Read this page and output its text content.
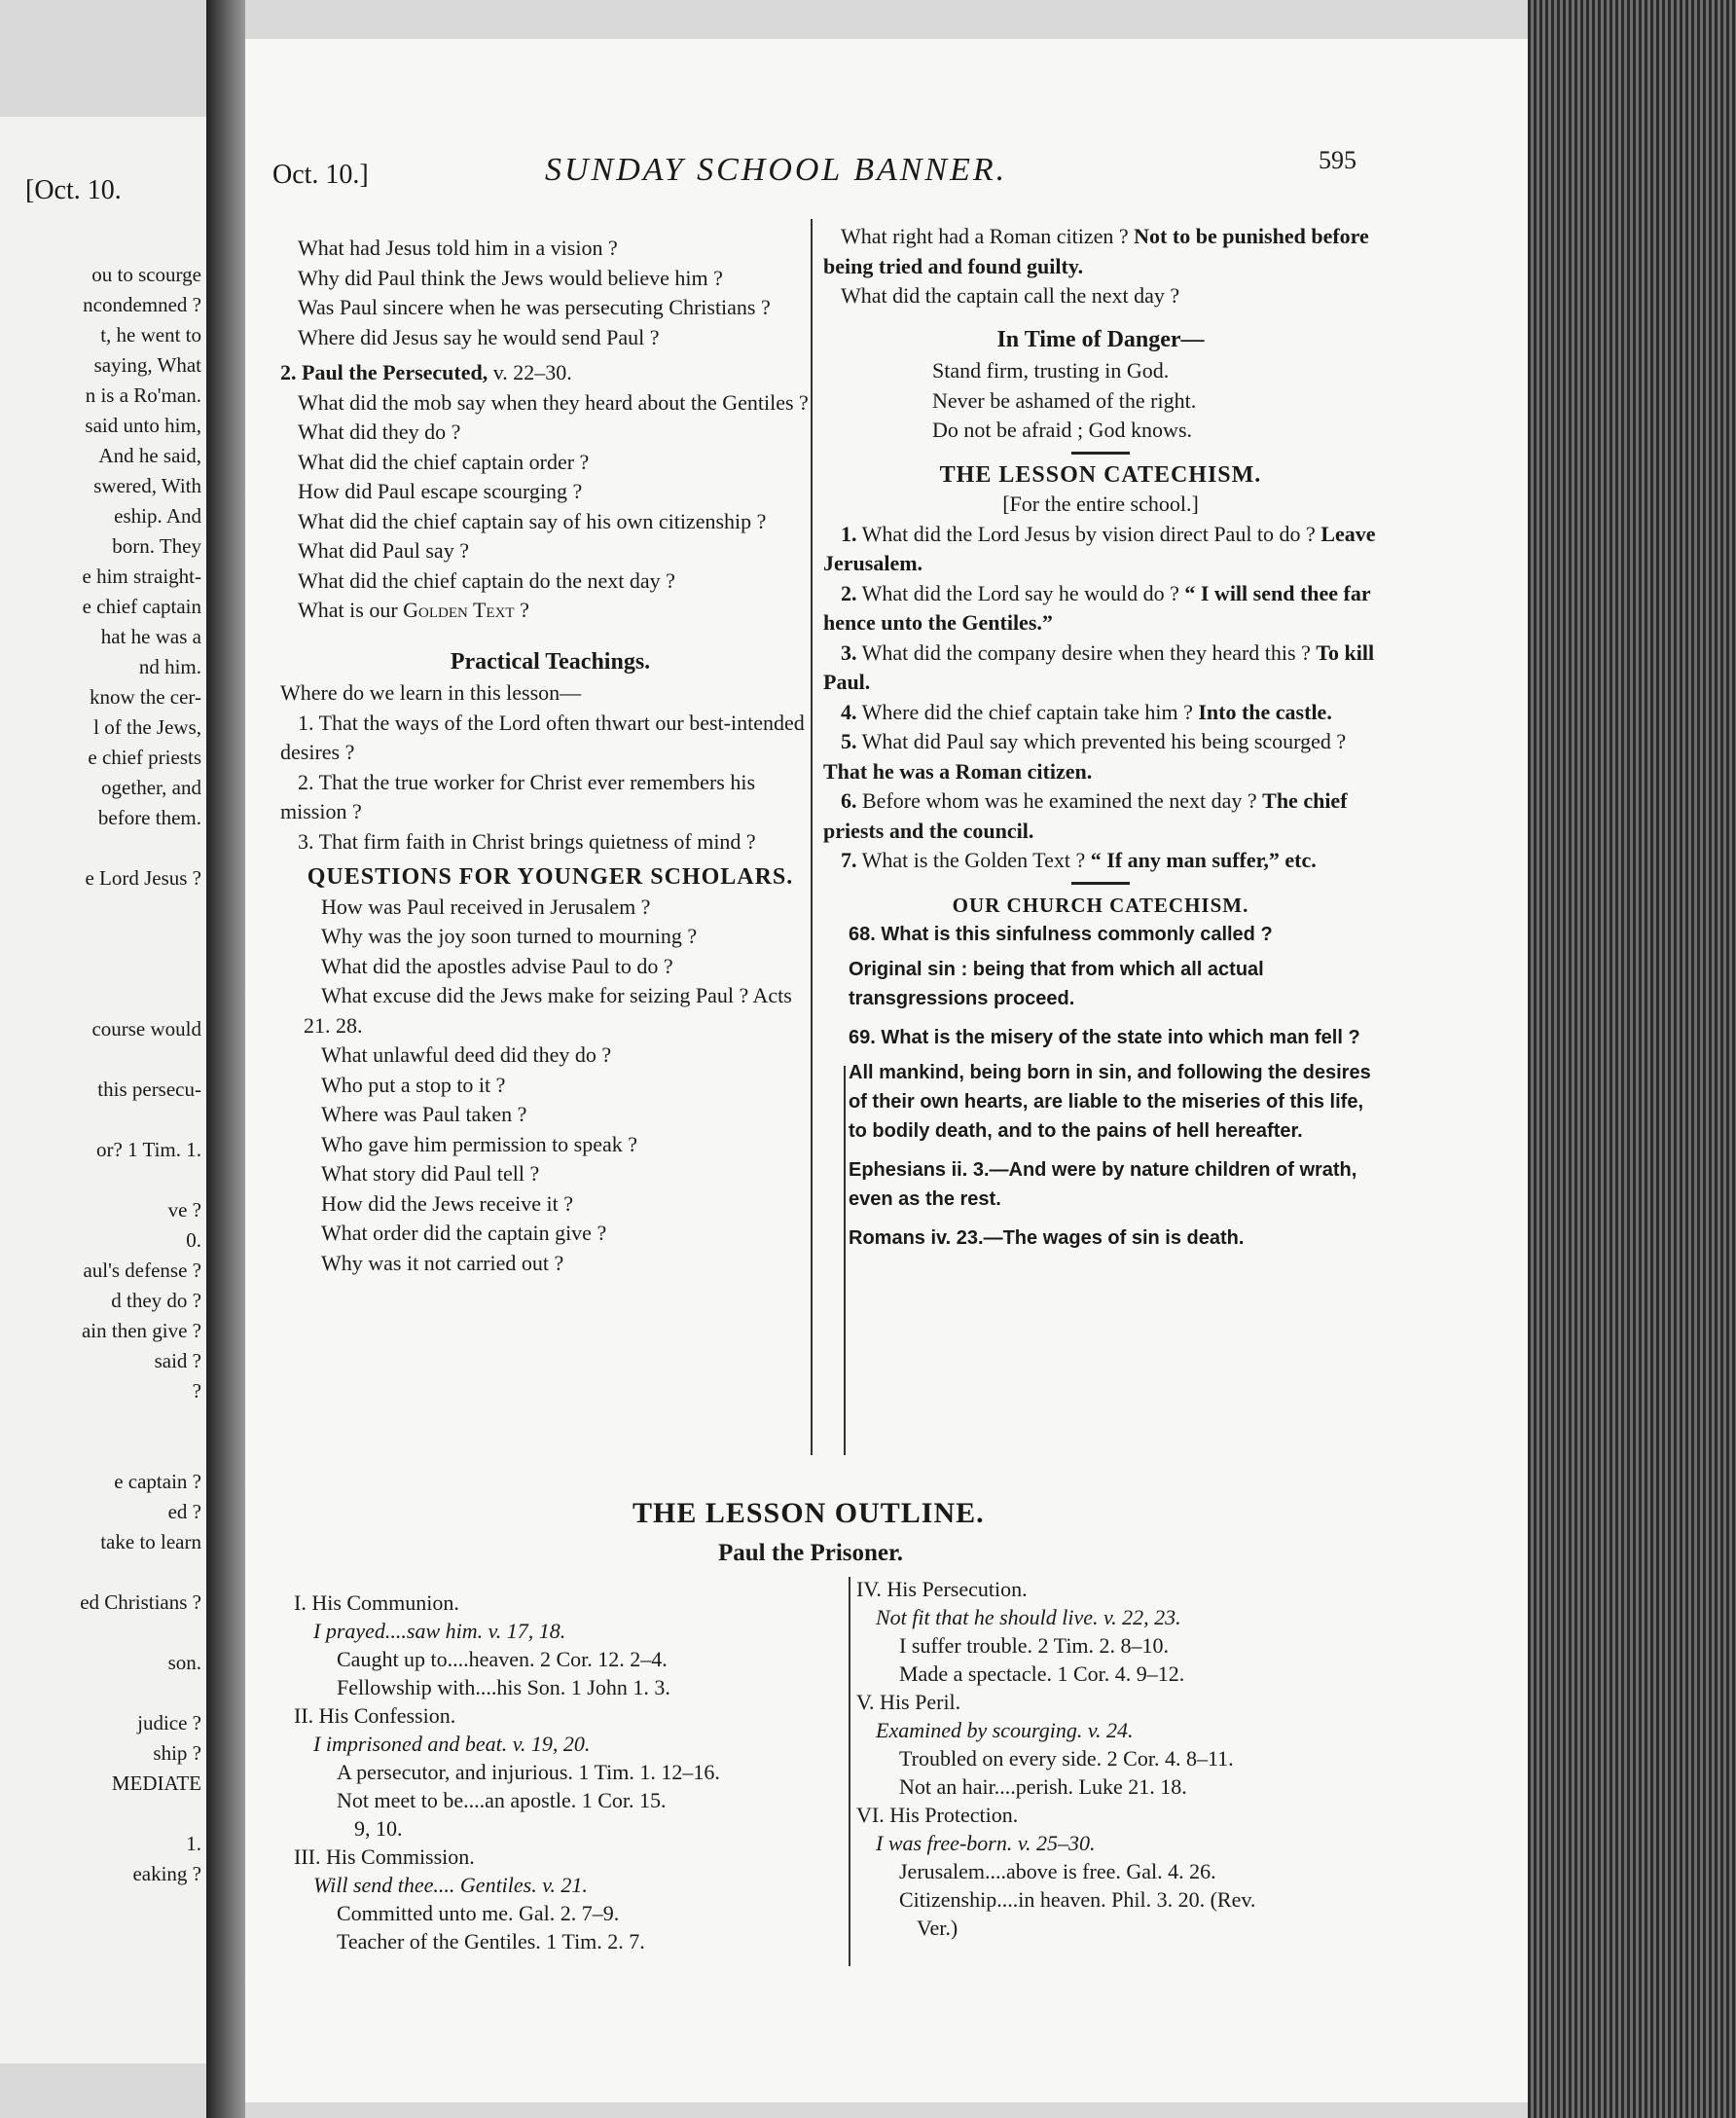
[Oct. 10.
ou to scourge
ncondemned ?
t, he went to
saying, What
n is a Ro'man.
said unto him,
And he said,
swered, With
eship. And
born. They
e him straight-
e chief captain
hat he was a
nd him.
know the cer-
l of the Jews,
e chief priests
ogether, and
before them.
e Lord Jesus ?
course would
this persecu-
or? 1 Tim. 1.
ve ?
0.
aul's defense ?
d they do ?
ain then give ?
said ?
?
e captain ?
ed ?
take to learn
ed Christians ?
son.
judice ?
ship ?
MEDIATE
1.
eaking ?
Oct. 10.]	SUNDAY SCHOOL BANNER.	595

What had Jesus told him in a vision ?

Why did Paul think the Jews would believe him ?

Was Paul sincere when he was persecuting Christians ?

Where did Jesus say he would send Paul ?

2. Paul the Persecuted, v. 22–30.

What did the mob say when they heard about the Gentiles ?

What did they do ?

What did the chief captain order ?

How did Paul escape scourging ?

What did the chief captain say of his own citizenship ?

What did Paul say ?

What did the chief captain do the next day ?

What is our Golden Text ?

Practical Teachings.

Where do we learn in this lesson—

1. That the ways of the Lord often thwart our best-intended desires ?

2. That the true worker for Christ ever remembers his mission ?

3. That firm faith in Christ brings quietness of mind ?

QUESTIONS FOR YOUNGER SCHOLARS.

How was Paul received in Jerusalem ?

Why was the joy soon turned to mourning ?

What did the apostles advise Paul to do ?

What excuse did the Jews make for seizing Paul ? Acts 21. 28.

What unlawful deed did they do ?

Who put a stop to it ?

Where was Paul taken ?

Who gave him permission to speak ?

What story did Paul tell ?

How did the Jews receive it ?

What order did the captain give ?

Why was it not carried out ?

What right had a Roman citizen ? Not to be punished before being tried and found guilty.

What did the captain call the next day ?

In Time of Danger—

Stand firm, trusting in God.

Never be ashamed of the right.

Do not be afraid ; God knows.

THE LESSON CATECHISM.

[For the entire school.]

1. What did the Lord Jesus by vision direct Paul to do ? Leave Jerusalem.

2. What did the Lord say he would do ? “ I will send thee far hence unto the Gentiles.”

3. What did the company desire when they heard this ? To kill Paul.

4. Where did the chief captain take him ? Into the castle.

5. What did Paul say which prevented his being scourged ? That he was a Roman citizen.

6. Before whom was he examined the next day ? The chief priests and the council.

7. What is the Golden Text ? “ If any man suffer,” etc.

OUR CHURCH CATECHISM.

68. What is this sinfulness commonly called ?

Original sin : being that from which all actual transgressions proceed.

69. What is the misery of the state into which man fell ?

All mankind, being born in sin, and following the desires of their own hearts, are liable to the miseries of this life, to bodily death, and to the pains of hell hereafter.

Ephesians ii. 3.—And were by nature children of wrath, even as the rest.

Romans iv. 23.—The wages of sin is death.

THE LESSON OUTLINE.
Paul the Prisoner.

I. His Communion.

I prayed....saw him. v. 17, 18.

Caught up to....heaven. 2 Cor. 12. 2–4.

Fellowship with....his Son. 1 John 1. 3.

II. His Confession.

I imprisoned and beat. v. 19, 20.

A persecutor, and injurious. 1 Tim. 1. 12–16.

Not meet to be....an apostle. 1 Cor. 15.

9, 10.

III. His Commission.

Will send thee.... Gentiles. v. 21.

Committed unto me. Gal. 2. 7–9.

Teacher of the Gentiles. 1 Tim. 2. 7.

IV. His Persecution.

Not fit that he should live. v. 22, 23.

I suffer trouble. 2 Tim. 2. 8–10.

Made a spectacle. 1 Cor. 4. 9–12.

V. His Peril.

Examined by scourging. v. 24.

Troubled on every side. 2 Cor. 4. 8–11.

Not an hair....perish. Luke 21. 18.

VI. His Protection.

I was free-born. v. 25–30.

Jerusalem....above is free. Gal. 4. 26.

Citizenship....in heaven. Phil. 3. 20. (Rev.

Ver.)
